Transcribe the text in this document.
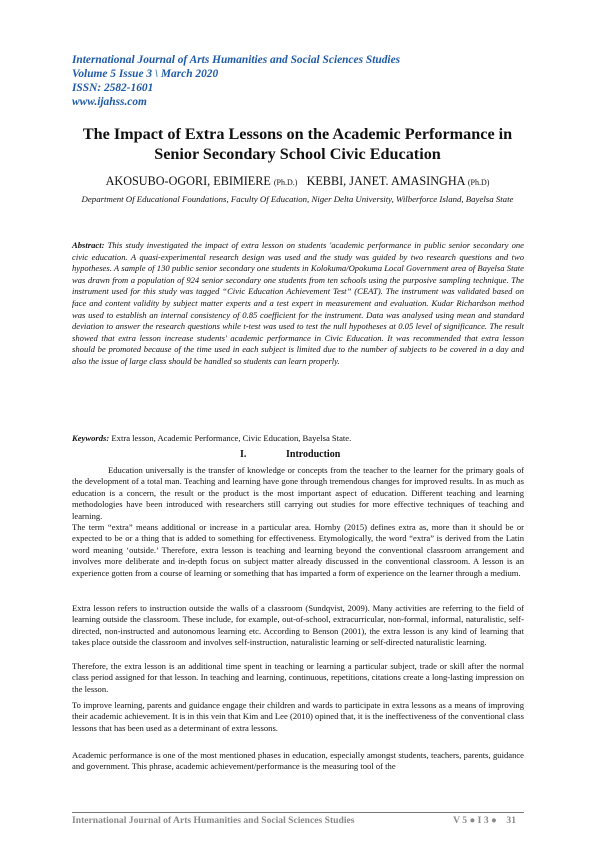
International Journal of Arts Humanities and Social Sciences Studies
Volume 5 Issue 3 \ March 2020
ISSN: 2582-1601
www.ijahss.com
The Impact of Extra Lessons on the Academic Performance in Senior Secondary School Civic Education
AKOSUBO-OGORI, EBIMIERE (Ph.D.) KEBBI, JANET. AMASINGHA (Ph.D)
Department Of Educational Foundations, Faculty Of Education, Niger Delta University, Wilberforce Island, Bayelsa State

Abstract: This study investigated the impact of extra lesson on students 'academic performance in public senior secondary one civic education. A quasi-experimental research design was used and the study was guided by two research questions and two hypotheses. A sample of 130 public senior secondary one students in Kolokuma/Opokuma Local Government area of Bayelsa State was drawn from a population of 924 senior secondary one students from ten schools using the purposive sampling technique. The instrument used for this study was tagged “Civic Education Achievement Test” (CEAT). The instrument was validated based on face and content validity by subject matter experts and a test expert in measurement and evaluation. Kudar Richardson method was used to establish an internal consistency of 0.85 coefficient for the instrument. Data was analysed using mean and standard deviation to answer the research questions while t-test was used to test the null hypotheses at 0.05 level of significance. The result showed that extra lesson increase students' academic performance in Civic Education. It was recommended that extra lesson should be promoted because of the time used in each subject is limited due to the number of subjects to be covered in a day and also the issue of large class should be handled so students can learn properly.

Keywords: Extra lesson, Academic Performance, Civic Education, Bayelsa State.
I.	Introduction

Education universally is the transfer of knowledge or concepts from the teacher to the learner for the primary goals of the development of a total man. Teaching and learning have gone through tremendous changes for improved results. In as much as education is a concern, the result or the product is the most important aspect of education. Different teaching and learning methodologies have been introduced with researchers still carrying out studies for more effective techniques of teaching and learning.

The term “extra” means additional or increase in a particular area. Hornby (2015) defines extra as, more than it should be or expected to be or a thing that is added to something for effectiveness. Etymologically, the word “extra” is derived from the Latin word meaning ‘outside.’ Therefore, extra lesson is teaching and learning beyond the conventional classroom arrangement and involves more deliberate and in-depth focus on subject matter already discussed in the conventional classroom. A lesson is an experience gotten from a course of learning or something that has imparted a form of experience on the learner through a medium.

Extra lesson refers to instruction outside the walls of a classroom (Sundqvist, 2009). Many activities are referring to the field of learning outside the classroom. These include, for example, out-of-school, extracurricular, non-formal, informal, naturalistic, self-directed, non-instructed and autonomous learning etc. According to Benson (2001), the extra lesson is any kind of learning that takes place outside the classroom and involves self-instruction, naturalistic learning or self-directed naturalistic learning.

Therefore, the extra lesson is an additional time spent in teaching or learning a particular subject, trade or skill after the normal class period assigned for that lesson. In teaching and learning, continuous, repetitions, citations create a long-lasting impression on the lesson.

To improve learning, parents and guidance engage their children and wards to participate in extra lessons as a means of improving their academic achievement. It is in this vein that Kim and Lee (2010) opined that, it is the ineffectiveness of the conventional class lessons that has been used as a determinant of extra lessons.

Academic performance is one of the most mentioned phases in education, especially amongst students, teachers, parents, guidance and government. This phrase, academic achievement/performance is the measuring tool of the

International Journal of Arts Humanities and Social Sciences Studies	V 5 ● I 3 ● 31
